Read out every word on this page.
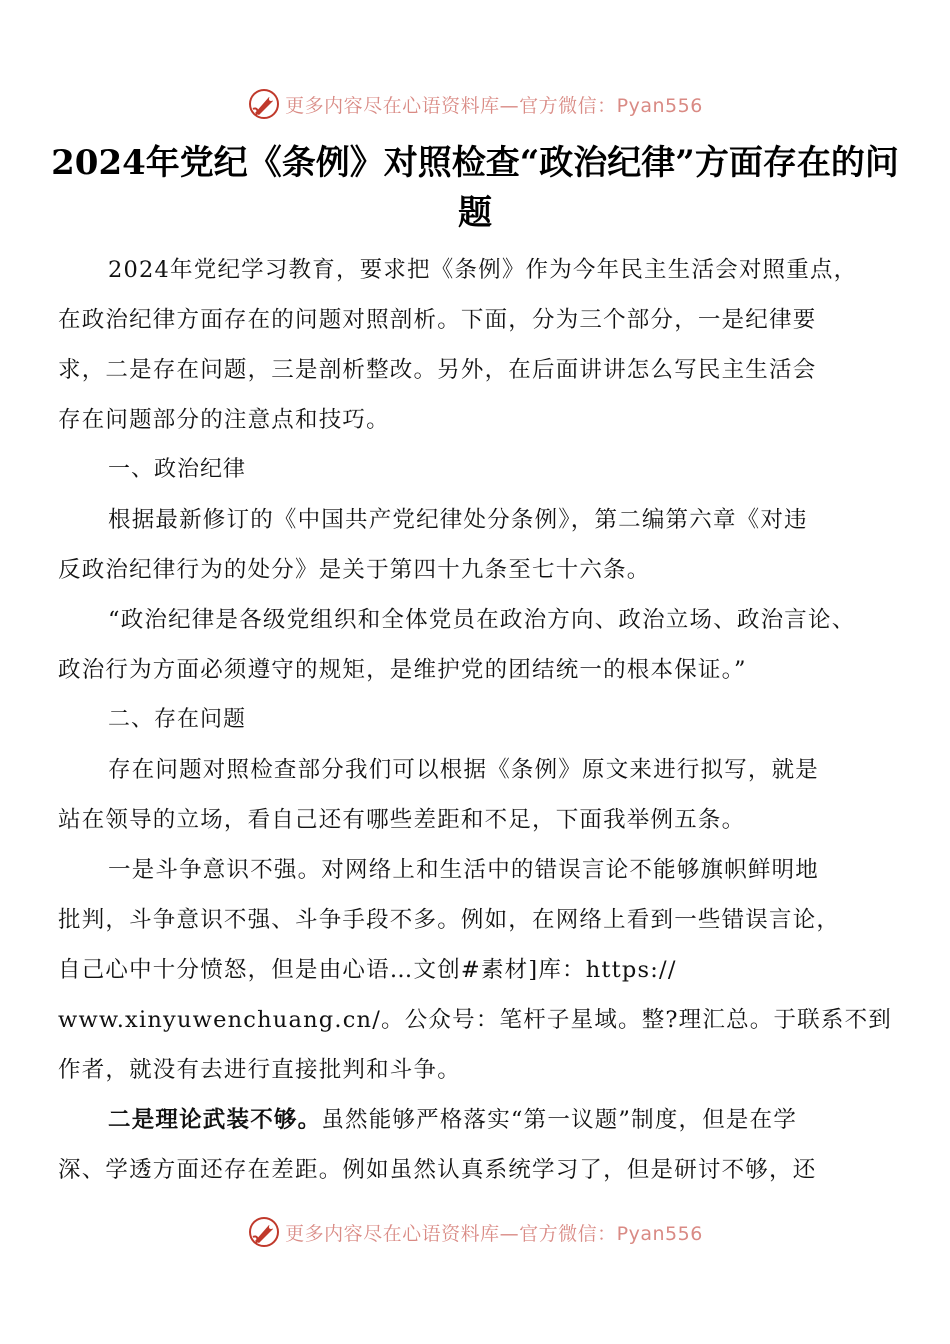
更多内容尽在心语资料库—官方微信：Pyan556
2024年党纪《条例》对照检查“政治纪律”方面存在的问题
2024年党纪学习教育，要求把《条例》作为今年民主生活会对照重点，
在政治纪律方面存在的问题对照剖析。下面，分为三个部分，一是纪律要
求，二是存在问题，三是剖析整改。另外，在后面讲讲怎么写民主生活会
存在问题部分的注意点和技巧。
一、政治纪律
根据最新修订的《中国共产党纪律处分条例》，第二编第六章《对违
反政治纪律行为的处分》是关于第四十九条至七十六条。
“政治纪律是各级党组织和全体党员在政治方向、政治立场、政治言论、
政治行为方面必须遵守的规矩，是维护党的团结统一的根本保证。”
二、存在问题
存在问题对照检查部分我们可以根据《条例》原文来进行拟写，就是
站在领导的立场，看自己还有哪些差距和不足，下面我举例五条。
一是斗争意识不强。对网络上和生活中的错误言论不能够旗帜鲜明地
批判，斗争意识不强、斗争手段不多。例如，在网络上看到一些错误言论，
自己心中十分愤怒，但是由心语…文创#素材]库：https://
www.xinyuwenchuang.cn/。公众号：笔杆子星域。整?理汇总。于联系不到
作者，就没有去进行直接批判和斗争。
二是理论武装不够。虽然能够严格落实“第一议题”制度，但是在学
深、学透方面还存在差距。例如虽然认真系统学习了，但是研讨不够，还
更多内容尽在心语资料库—官方微信：Pyan556
